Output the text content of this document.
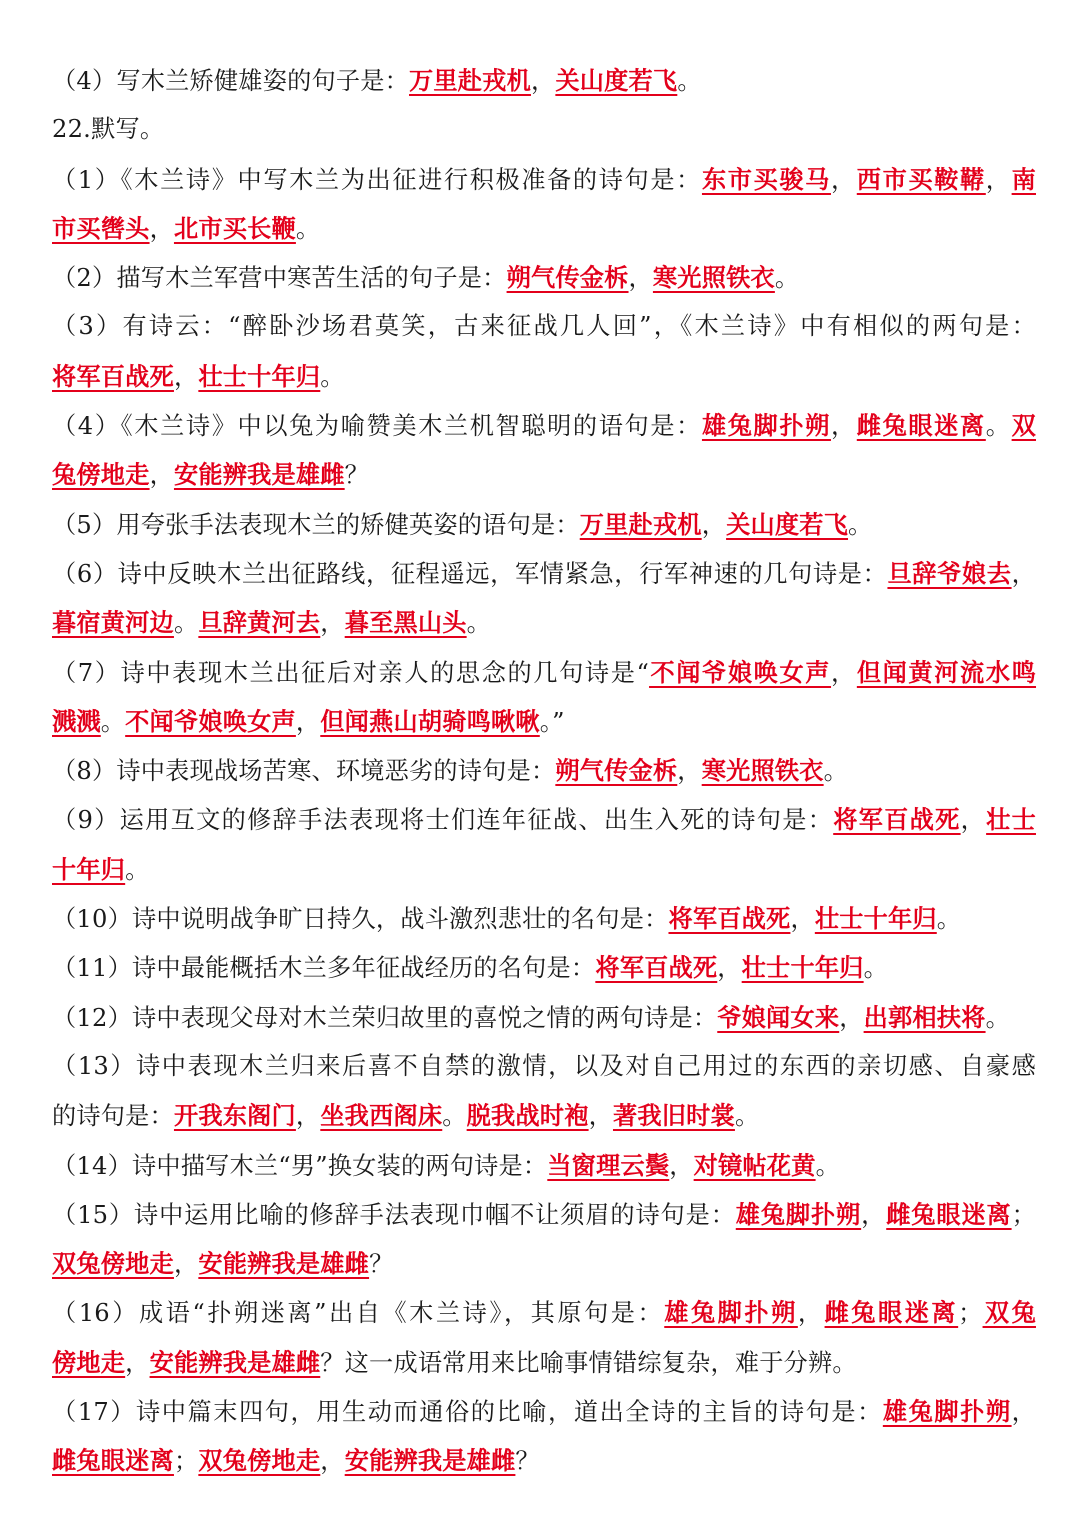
（4）写木兰矫健雄姿的句子是：万里赴戎机，关山度若飞。
22.默写。
（1）《木兰诗》中写木兰为出征进行积极准备的诗句是：东市买骏马，西市买鞍鞯，南
市买辔头，北市买长鞭。
（2）描写木兰军营中寒苦生活的句子是：朔气传金柝，寒光照铁衣。
（3）有诗云：“醉卧沙场君莫笑，古来征战几人回”，《木兰诗》中有相似的两句是：
将军百战死，壮士十年归。
（4）《木兰诗》中以兔为喻赞美木兰机智聪明的语句是：雄兔脚扑朔，雌兔眼迷离。双
兔傍地走，安能辨我是雄雌？
（5）用夸张手法表现木兰的矫健英姿的语句是：万里赴戎机，关山度若飞。
（6）诗中反映木兰出征路线，征程遥远，军情紧急，行军神速的几句诗是：旦辞爷娘去，
暮宿黄河边。旦辞黄河去，暮至黑山头。
（7）诗中表现木兰出征后对亲人的思念的几句诗是“不闻爷娘唤女声，但闻黄河流水鸣
溅溅。不闻爷娘唤女声，但闻燕山胡骑鸣啾啾。”
（8）诗中表现战场苦寒、环境恶劣的诗句是：朔气传金柝，寒光照铁衣。
（9）运用互文的修辞手法表现将士们连年征战、出生入死的诗句是：将军百战死，壮士
十年归。
（10）诗中说明战争旷日持久，战斗激烈悲壮的名句是：将军百战死，壮士十年归。
（11）诗中最能概括木兰多年征战经历的名句是：将军百战死，壮士十年归。
（12）诗中表现父母对木兰荣归故里的喜悦之情的两句诗是：爷娘闻女来，出郭相扶将。
（13）诗中表现木兰归来后喜不自禁的激情，以及对自己用过的东西的亲切感、自豪感
的诗句是：开我东阁门，坐我西阁床。脱我战时袍，著我旧时裳。
（14）诗中描写木兰“男”换女装的两句诗是：当窗理云鬓，对镜帖花黄。
（15）诗中运用比喻的修辞手法表现巾帼不让须眉的诗句是：雄兔脚扑朔，雌兔眼迷离；
双兔傍地走，安能辨我是雄雌？
（16）成语“扑朔迷离”出自《木兰诗》，其原句是：雄兔脚扑朔，雌兔眼迷离；双兔
傍地走，安能辨我是雄雌？这一成语常用来比喻事情错综复杂，难于分辨。
（17）诗中篇末四句，用生动而通俗的比喻，道出全诗的主旨的诗句是：雄兔脚扑朔，
雌兔眼迷离；双兔傍地走，安能辨我是雄雌？
